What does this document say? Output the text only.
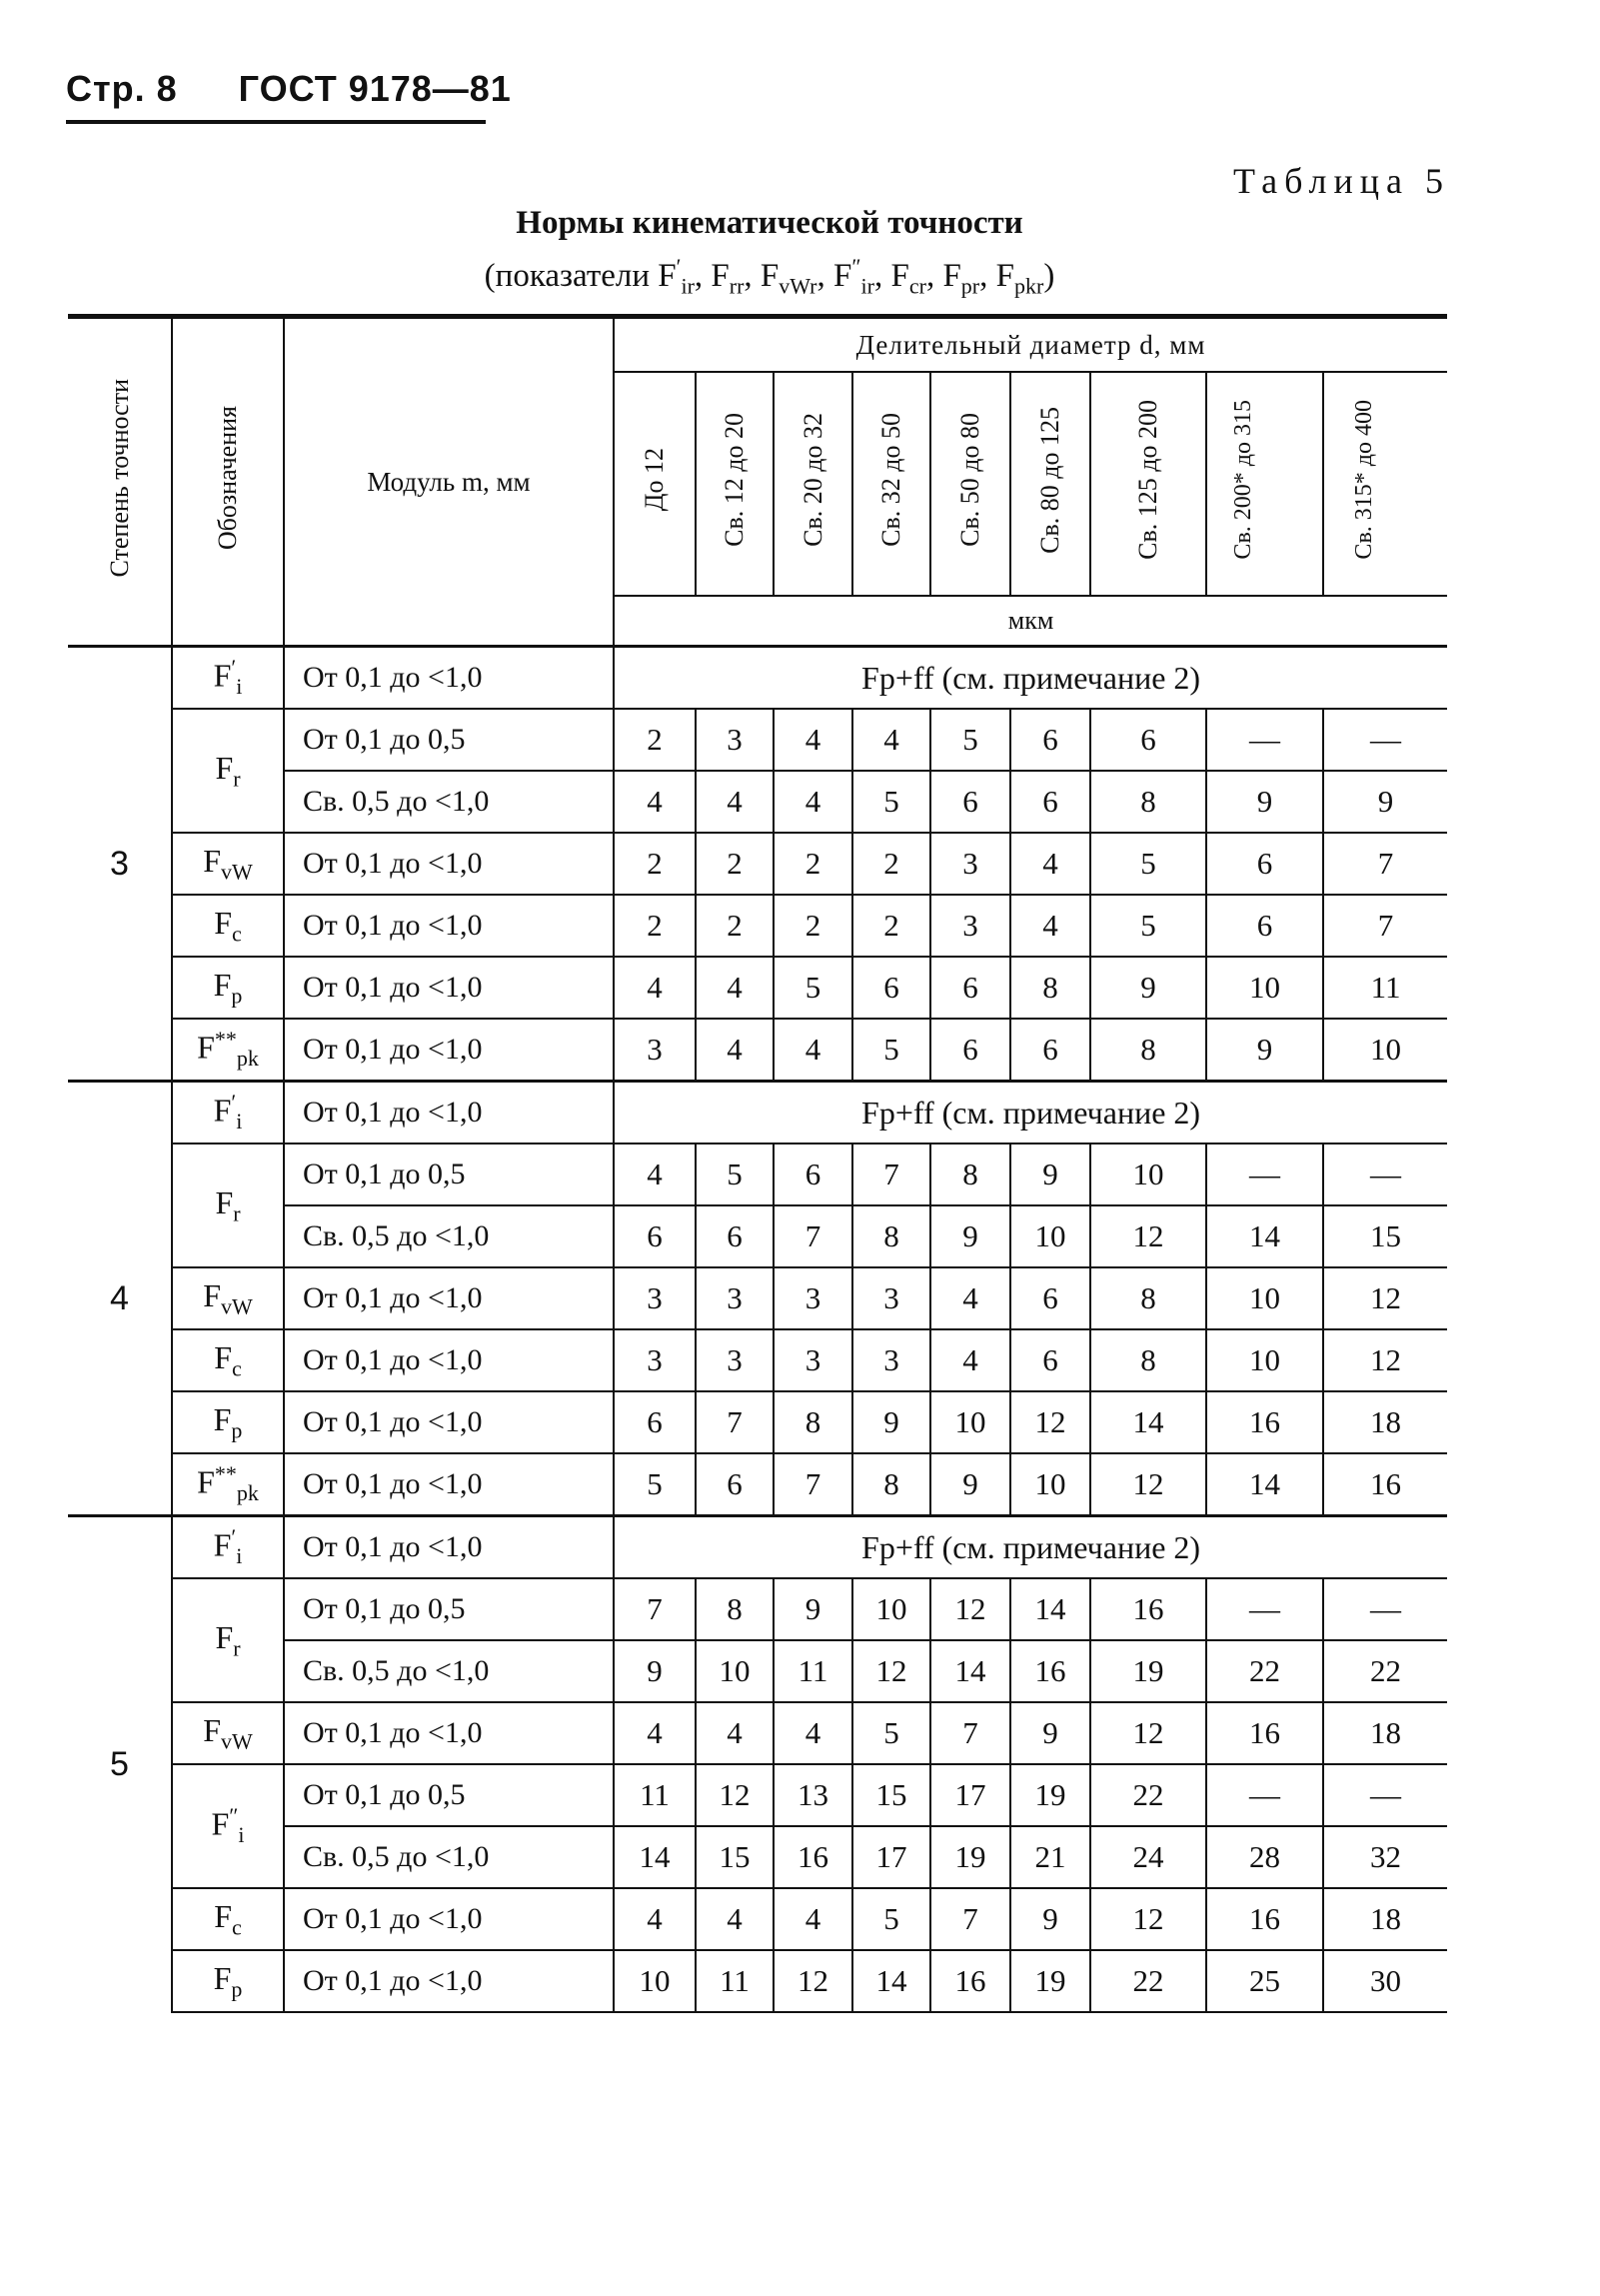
Стр. 8 ГОСТ 9178—81
Таблица 5
Нормы кинематической точности
(показатели $F'_{ir}$, $F_{rr}$, $F_{vWr}$, $F''_{ir}$, $F_{cr}$, $F_{pr}$, $F_{pkr}$)
Степень точности	Обозначения	Модуль m, мм	Делительный диаметр d, мм								
			До 12	Св. 12 до 20	Св. 20 до 32	Св. 32 до 50	Св. 50 до 80	Св. 80 до 125	Св. 125 до 200	Св. 200* до 315	Св. 315* до 400
			мкм								
3	$F'_i$	От 0,1 до <1,0	Fp+ff (см. примечание 2)								
	$F_r$	От 0,1 до 0,5	2	3	4	4	5	6	6	—	—
		Св. 0,5 до <1,0	4	4	4	5	6	6	8	9	9
	$F_{vW}$	От 0,1 до <1,0	2	2	2	2	3	4	5	6	7
	$F_c$	От 0,1 до <1,0	2	2	2	2	3	4	5	6	7
	$F_p$	От 0,1 до <1,0	4	4	5	6	6	8	9	10	11
	$F^{**}_{pk}$	От 0,1 до <1,0	3	4	4	5	6	6	8	9	10
4	$F'_i$	От 0,1 до <1,0	Fp+ff (см. примечание 2)								
	$F_r$	От 0,1 до 0,5	4	5	6	7	8	9	10	—	—
		Св. 0,5 до <1,0	6	6	7	8	9	10	12	14	15
	$F_{vW}$	От 0,1 до <1,0	3	3	3	3	4	6	8	10	12
	$F_c$	От 0,1 до <1,0	3	3	3	3	4	6	8	10	12
	$F_p$	От 0,1 до <1,0	6	7	8	9	10	12	14	16	18
	$F^{**}_{pk}$	От 0,1 до <1,0	5	6	7	8	9	10	12	14	16
5	$F'_i$	От 0,1 до <1,0	Fp+ff (см. примечание 2)								
	$F_r$	От 0,1 до 0,5	7	8	9	10	12	14	16	—	—
		Св. 0,5 до <1,0	9	10	11	12	14	16	19	22	22
	$F_{vW}$	От 0,1 до <1,0	4	4	4	5	7	9	12	16	18
	$F''_i$	От 0,1 до 0,5	11	12	13	15	17	19	22	—	—
		Св. 0,5 до <1,0	14	15	16	17	19	21	24	28	32
	$F_c$	От 0,1 до <1,0	4	4	4	5	7	9	12	16	18
	$F_p$	От 0,1 до <1,0	10	11	12	14	16	19	22	25	30
